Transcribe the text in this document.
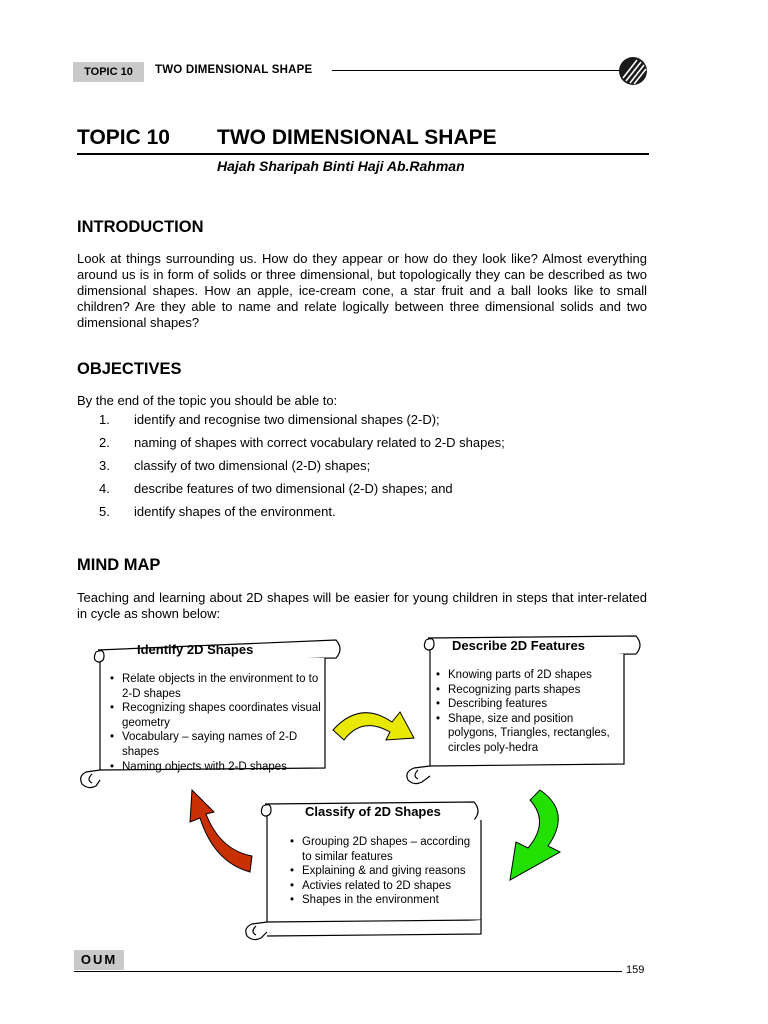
TOPIC 10	TWO DIMENSIONAL SHAPE
TOPIC 10 TWO DIMENSIONAL SHAPE
Hajah Sharipah Binti Haji Ab.Rahman
INTRODUCTION
Look at things surrounding us. How do they appear or how do they look like? Almost everything around us is in form of solids or three dimensional, but topologically they can be described as two dimensional shapes. How an apple, ice-cream cone, a star fruit and a ball looks like to small children? Are they able to name and relate logically between three dimensional solids and two dimensional shapes?
OBJECTIVES
By the end of the topic you should be able to:
1.	identify and recognise two dimensional shapes (2-D);
2.	naming of shapes with correct vocabulary related to 2-D shapes;
3.	classify of two dimensional (2-D) shapes;
4.	describe features of two dimensional (2-D) shapes; and
5.	identify shapes of the environment.
MIND MAP
Teaching and learning about 2D shapes will be easier for young children in steps that inter-related in cycle as shown below:
Identify 2D Shapes
• Relate objects in the environment to to 2-D shapes
• Recognizing shapes coordinates visual geometry
• Vocabulary – saying names of 2-D shapes
• Naming objects with 2-D shapes
Describe 2D Features
• Knowing parts of 2D shapes
• Recognizing parts shapes
• Describing features
• Shape, size and position polygons, Triangles, rectangles, circles poly-hedra
Classify of 2D Shapes
• Grouping 2D shapes – according to similar features
• Explaining & and giving reasons
• Activies related to 2D shapes
• Shapes in the environment
OUM
159
